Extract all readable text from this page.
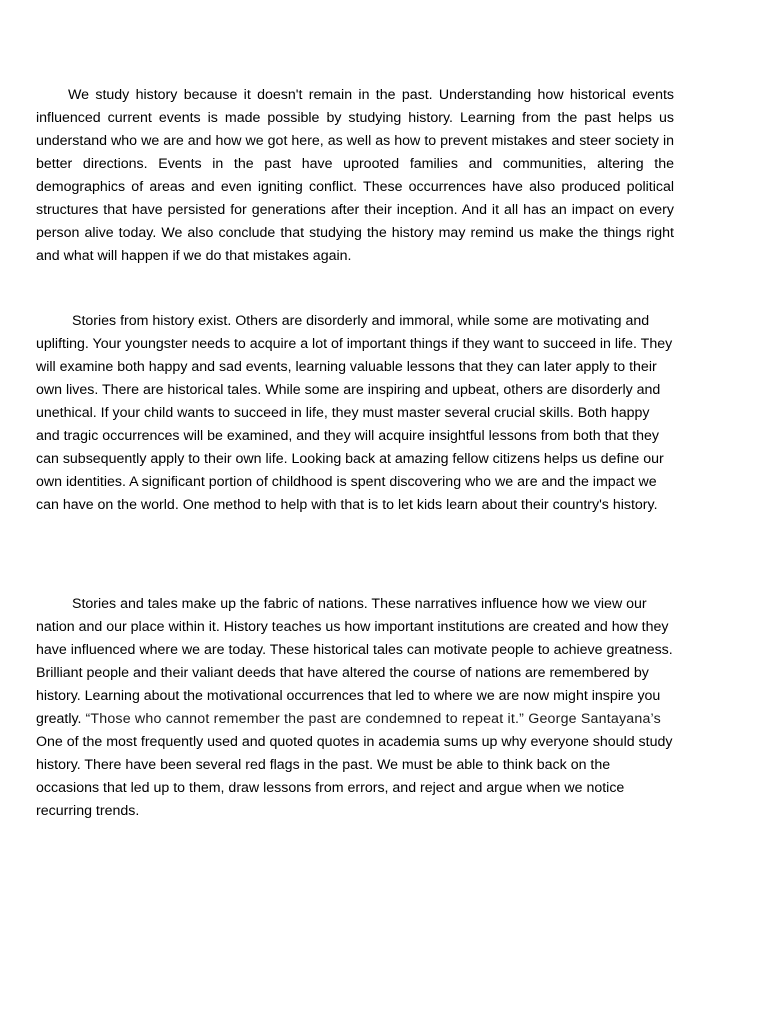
We study history because it doesn't remain in the past. Understanding how historical events influenced current events is made possible by studying history. Learning from the past helps us understand who we are and how we got here, as well as how to prevent mistakes and steer society in better directions. Events in the past have uprooted families and communities, altering the demographics of areas and even igniting conflict. These occurrences have also produced political structures that have persisted for generations after their inception. And it all has an impact on every person alive today. We also conclude that studying the history may remind us make the things right and what will happen if we do that mistakes again.

Stories from history exist. Others are disorderly and immoral, while some are motivating and uplifting. Your youngster needs to acquire a lot of important things if they want to succeed in life. They will examine both happy and sad events, learning valuable lessons that they can later apply to their own lives. There are historical tales. While some are inspiring and upbeat, others are disorderly and unethical. If your child wants to succeed in life, they must master several crucial skills. Both happy and tragic occurrences will be examined, and they will acquire insightful lessons from both that they can subsequently apply to their own life. Looking back at amazing fellow citizens helps us define our own identities. A significant portion of childhood is spent discovering who we are and the impact we can have on the world. One method to help with that is to let kids learn about their country's history.

Stories and tales make up the fabric of nations. These narratives influence how we view our nation and our place within it. History teaches us how important institutions are created and how they have influenced where we are today. These historical tales can motivate people to achieve greatness. Brilliant people and their valiant deeds that have altered the course of nations are remembered by history. Learning about the motivational occurrences that led to where we are now might inspire you greatly. “Those who cannot remember the past are condemned to repeat it.” George Santayana’s One of the most frequently used and quoted quotes in academia sums up why everyone should study history. There have been several red flags in the past. We must be able to think back on the occasions that led up to them, draw lessons from errors, and reject and argue when we notice recurring trends.
